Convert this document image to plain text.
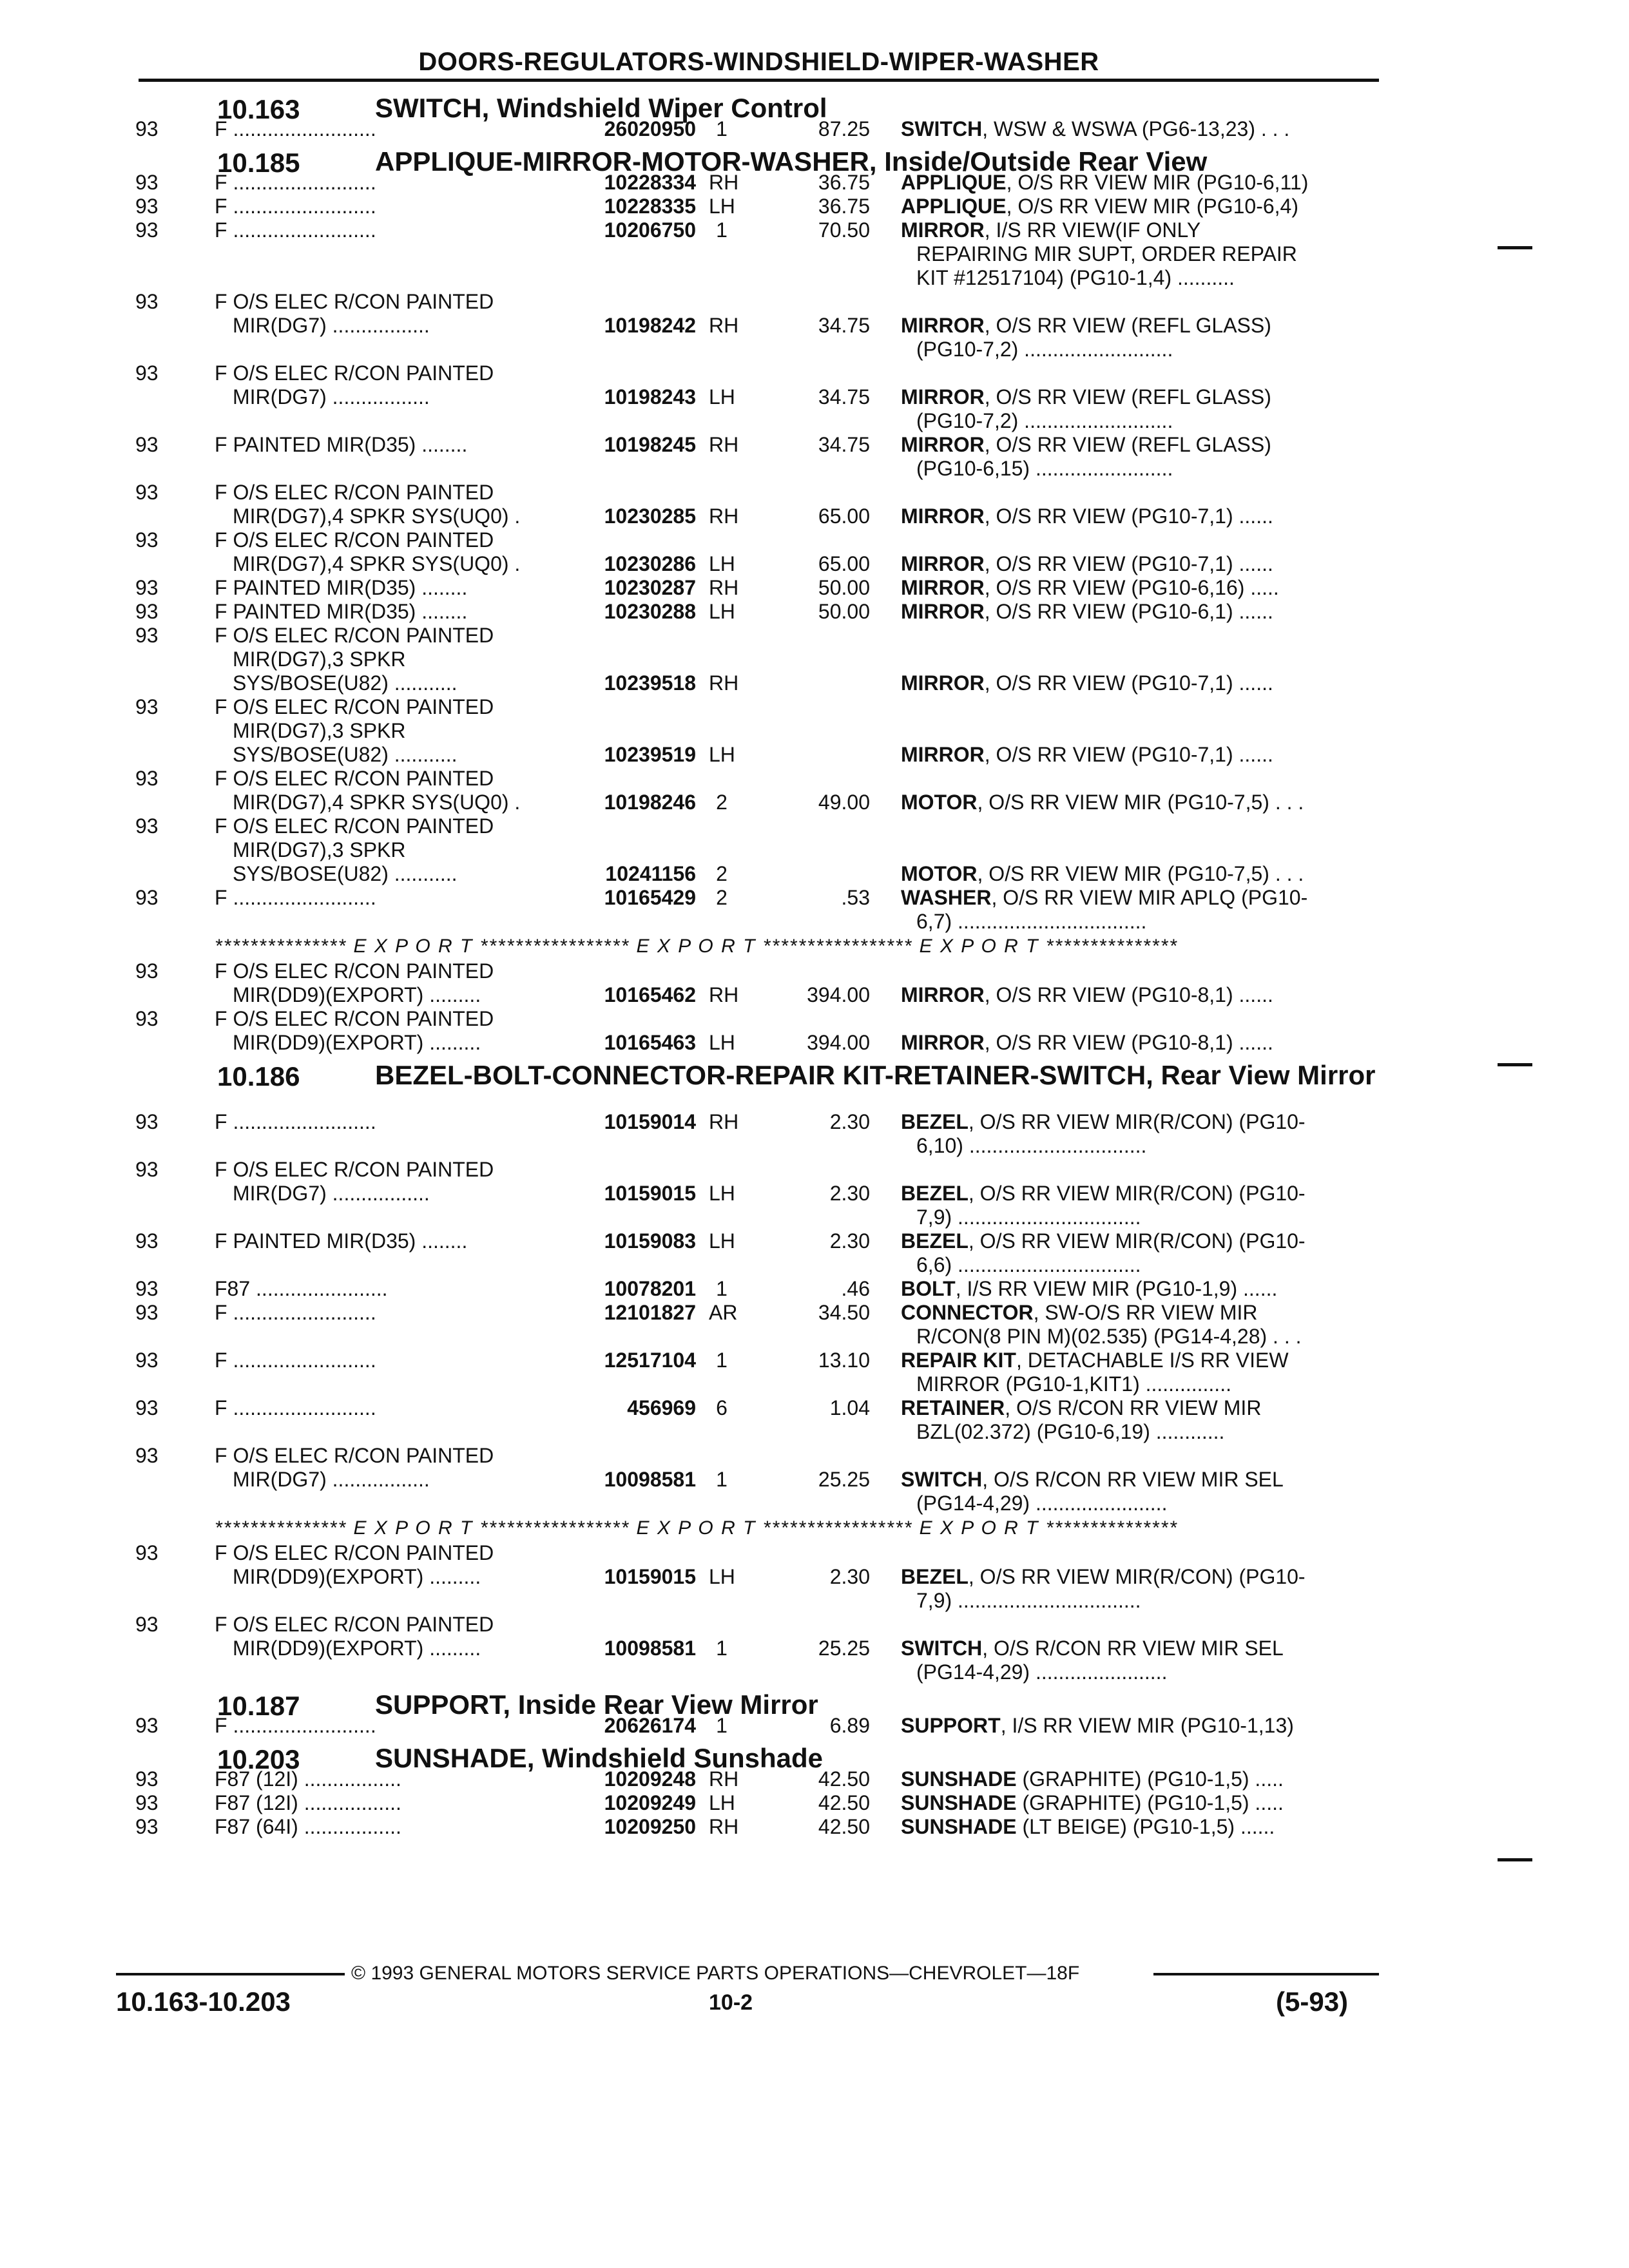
DOORS-REGULATORS-WINDSHIELD-WIPER-WASHER
10.163	SWITCH, Windshield Wiper Control
93	F .........................	26020950 1	87.25 SWITCH, WSW & WSWA (PG6-13,23) . . .
10.185	APPLIQUE-MIRROR-MOTOR-WASHER, Inside/Outside Rear View
93	F .........................	10228334 RH	36.75 APPLIQUE, O/S RR VIEW MIR (PG10-6,11)
93	F .........................	10228335 LH	36.75 APPLIQUE, O/S RR VIEW MIR (PG10-6,4)
93	F .........................	10206750 1	70.50 MIRROR, I/S RR VIEW(IF ONLY
REPAIRING MIR SUPT, ORDER REPAIR
KIT #12517104) (PG10-1,4) ..........
93	F O/S ELEC R/CON PAINTED
MIR(DG7) .................	10198242 RH	34.75 MIRROR, O/S RR VIEW (REFL GLASS)
(PG10-7,2) ..........................
93	F O/S ELEC R/CON PAINTED
MIR(DG7) .................	10198243 LH	34.75 MIRROR, O/S RR VIEW (REFL GLASS)
(PG10-7,2) ..........................
93	F PAINTED MIR(D35) ........	10198245 RH	34.75 MIRROR, O/S RR VIEW (REFL GLASS)
(PG10-6,15) ........................
93	F O/S ELEC R/CON PAINTED
MIR(DG7),4 SPKR SYS(UQ0) .	10230285 RH	65.00 MIRROR, O/S RR VIEW (PG10-7,1) ......
93	F O/S ELEC R/CON PAINTED
MIR(DG7),4 SPKR SYS(UQ0) .	10230286 LH	65.00 MIRROR, O/S RR VIEW (PG10-7,1) ......
93	F PAINTED MIR(D35) ........	10230287 RH	50.00 MIRROR, O/S RR VIEW (PG10-6,16) .....
93	F PAINTED MIR(D35) ........	10230288 LH	50.00 MIRROR, O/S RR VIEW (PG10-6,1) ......
93	F O/S ELEC R/CON PAINTED
MIR(DG7),3 SPKR
SYS/BOSE(U82) ...........	10239518 RH	MIRROR, O/S RR VIEW (PG10-7,1) ......
93	F O/S ELEC R/CON PAINTED
MIR(DG7),3 SPKR
SYS/BOSE(U82) ...........	10239519 LH	MIRROR, O/S RR VIEW (PG10-7,1) ......
93	F O/S ELEC R/CON PAINTED
MIR(DG7),4 SPKR SYS(UQ0) .	10198246 2	49.00 MOTOR, O/S RR VIEW MIR (PG10-7,5) . . .
93	F O/S ELEC R/CON PAINTED
MIR(DG7),3 SPKR
SYS/BOSE(U82) ...........	10241156 2	MOTOR, O/S RR VIEW MIR (PG10-7,5) . . .
93	F .........................	10165429 2	.53 WASHER, O/S RR VIEW MIR APLQ (PG10-
6,7) .................................
*************** E X P O R T ***************** E X P O R T ***************** E X P O R T ***************
93	F O/S ELEC R/CON PAINTED
MIR(DD9)(EXPORT) .........	10165462 RH	394.00 MIRROR, O/S RR VIEW (PG10-8,1) ......
93	F O/S ELEC R/CON PAINTED
MIR(DD9)(EXPORT) .........	10165463 LH	394.00 MIRROR, O/S RR VIEW (PG10-8,1) ......
10.186	BEZEL-BOLT-CONNECTOR-REPAIR KIT-RETAINER-SWITCH, Rear View Mirror
93	F .........................	10159014 RH	2.30 BEZEL, O/S RR VIEW MIR(R/CON) (PG10-
6,10) ...............................
93	F O/S ELEC R/CON PAINTED
MIR(DG7) .................	10159015 LH	2.30 BEZEL, O/S RR VIEW MIR(R/CON) (PG10-
7,9) ................................
93	F PAINTED MIR(D35) ........	10159083 LH	2.30 BEZEL, O/S RR VIEW MIR(R/CON) (PG10-
6,6) ................................
93	F87 .......................	10078201 1	.46 BOLT, I/S RR VIEW MIR (PG10-1,9) ......
93	F .........................	12101827 AR	34.50 CONNECTOR, SW-O/S RR VIEW MIR
R/CON(8 PIN M)(02.535) (PG14-4,28) . . .
93	F .........................	12517104 1	13.10 REPAIR KIT, DETACHABLE I/S RR VIEW
MIRROR (PG10-1,KIT1) ...............
93	F .........................	456969 6	1.04 RETAINER, O/S R/CON RR VIEW MIR
BZL(02.372) (PG10-6,19) ............
93	F O/S ELEC R/CON PAINTED
MIR(DG7) .................	10098581 1	25.25 SWITCH, O/S R/CON RR VIEW MIR SEL
(PG14-4,29) .......................
*************** E X P O R T ***************** E X P O R T ***************** E X P O R T ***************
93	F O/S ELEC R/CON PAINTED
MIR(DD9)(EXPORT) .........	10159015 LH	2.30 BEZEL, O/S RR VIEW MIR(R/CON) (PG10-
7,9) ................................
93	F O/S ELEC R/CON PAINTED
MIR(DD9)(EXPORT) .........	10098581 1	25.25 SWITCH, O/S R/CON RR VIEW MIR SEL
(PG14-4,29) .......................
10.187	SUPPORT, Inside Rear View Mirror
93	F .........................	20626174 1	6.89 SUPPORT, I/S RR VIEW MIR (PG10-1,13)
10.203	SUNSHADE, Windshield Sunshade
93	F87 (12I) .................	10209248 RH	42.50 SUNSHADE (GRAPHITE) (PG10-1,5) .....
93	F87 (12I) .................	10209249 LH	42.50 SUNSHADE (GRAPHITE) (PG10-1,5) .....
93	F87 (64I) .................	10209250 RH	42.50 SUNSHADE (LT BEIGE) (PG10-1,5) ......
© 1993 GENERAL MOTORS SERVICE PARTS OPERATIONS—CHEVROLET—18F
10.163-10.203	10-2	(5-93)
